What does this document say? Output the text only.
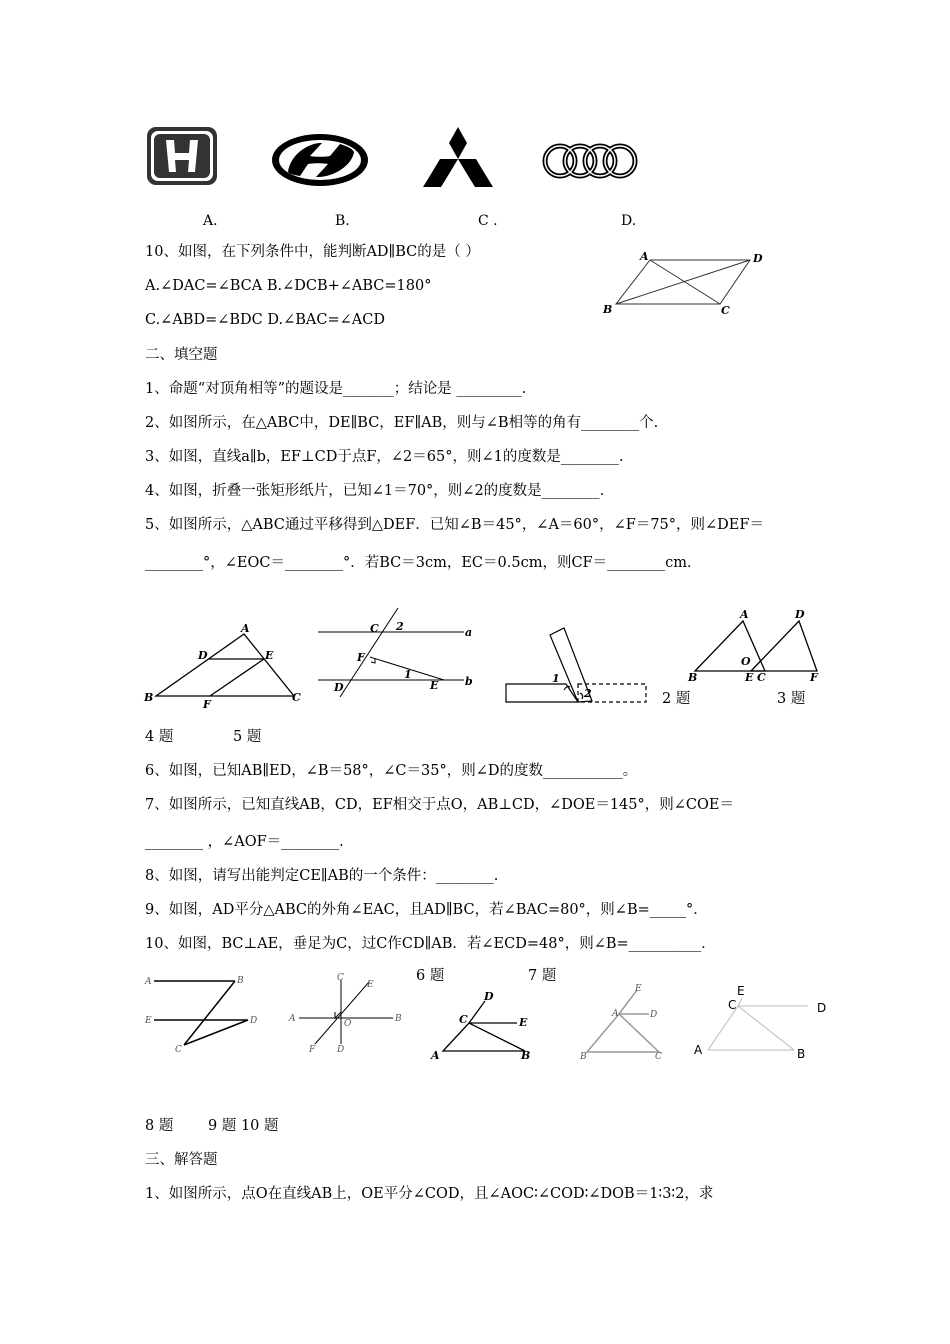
A.	B.	C .	D.
10、如图，在下列条件中，能判断AD∥BC的是（ ）
A.∠DAC=∠BCA B.∠DCB+∠ABC=180°
C.∠ABD=∠BDC D.∠BAC=∠ACD
A	D
B	C
二、填空题
1、命题“对顶角相等”的题设是_______；结论是 _________.
2、如图所示，在△ABC中，DE∥BC，EF∥AB，则与∠B相等的角有________个.
3、如图，直线a∥b，EF⊥CD于点F，∠2＝65°，则∠1的度数是________.
4、如图，折叠一张矩形纸片，已知∠1＝70°，则∠2的度数是________.
5、如图所示，△ABC通过平移得到△DEF．已知∠B＝45°，∠A＝60°，∠F＝75°，则∠DEF＝
________°，∠EOC＝________°．若BC＝3cm，EC＝0.5cm，则CF＝________cm．
A
D	E
B
F
C
C 2	a
F
1
E
D	b	1
2
A	D
O
B	E C	F
2 题	3 题
4 题	5 题
6、如图，已知AB∥ED，∠B＝58°，∠C＝35°，则∠D的度数___________。
7、如图所示，已知直线AB，CD，EF相交于点O，AB⊥CD，∠DOE＝145°，则∠COE＝
________ ，∠AOF＝________.
8、如图，请写出能判定CE∥AB的一个条件：________.
9、如图，AD平分△ABC的外角∠EAC，且AD∥BC，若∠BAC=80°，则∠B=_____°．
10、如图，BC⊥AE，垂足为C，过C作CD∥AB．若∠ECD=48°，则∠B=__________．
A	B
E	D
C
C
E
A	O	B
F D
D
C	E
A	B
6 题	7 题
E
A	D
B	C
E
C	D
A	B
8 题 9 题 10 题
三、解答题
1、如图所示，点O在直线AB上，OE平分∠COD，且∠AOC∶∠COD∶∠DOB＝1∶3∶2，求
